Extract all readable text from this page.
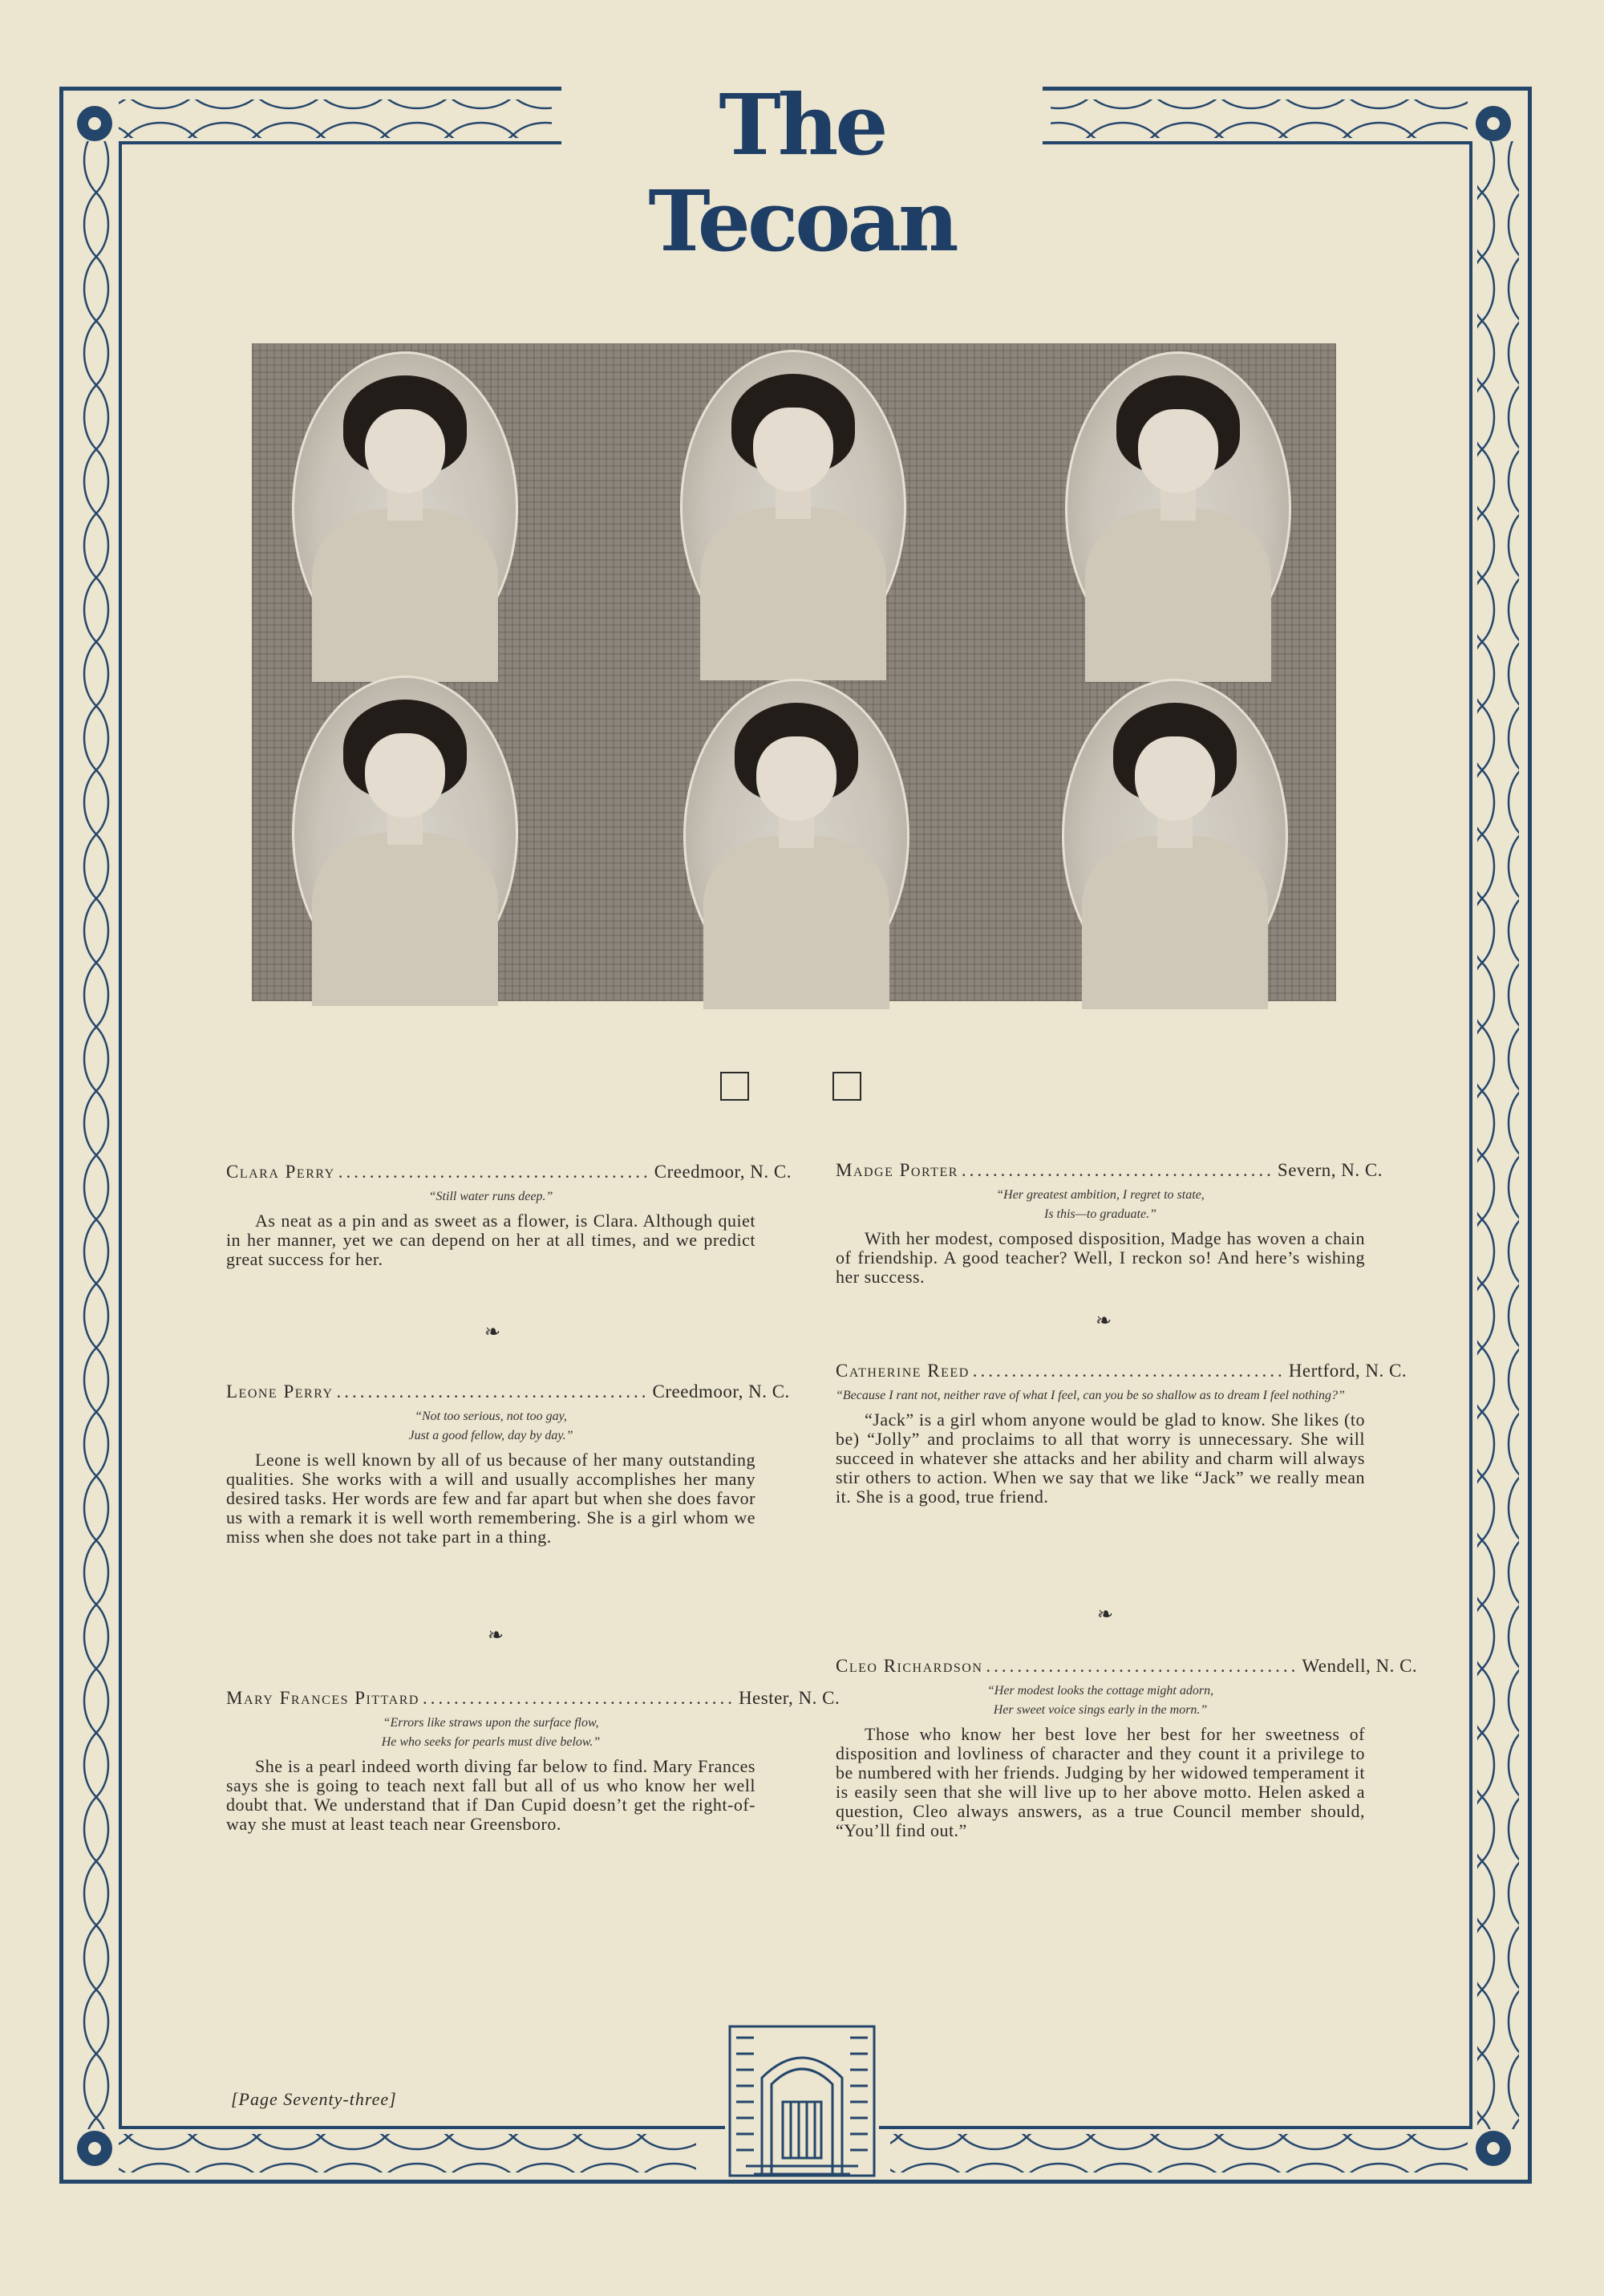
The Tecoan
Clara Perry ........................................ Creedmoor, N. C.
“Still water runs deep.”
As neat as a pin and as sweet as a flower, is Clara. Although quiet in her manner, yet we can depend on her at all times, and we predict great success for her.
❧
Leone Perry ........................................ Creedmoor, N. C.
“Not too serious, not too gay,
Just a good fellow, day by day.”
Leone is well known by all of us because of her many outstanding qualities. She works with a will and usually accomplishes her many desired tasks. Her words are few and far apart but when she does favor us with a remark it is well worth remembering. She is a girl whom we miss when she does not take part in a thing.
❧
Mary Frances Pittard ........................................ Hester, N. C.
“Errors like straws upon the surface flow,
He who seeks for pearls must dive below.”
She is a pearl indeed worth diving far below to find. Mary Frances says she is going to teach next fall but all of us who know her well doubt that. We understand that if Dan Cupid doesn’t get the right-of-way she must at least teach near Greensboro.
Madge Porter ........................................ Severn, N. C.
“Her greatest ambition, I regret to state,
Is this—to graduate.”
With her modest, composed disposition, Madge has woven a chain of friendship. A good teacher? Well, I reckon so! And here’s wishing her success.
❧
Catherine Reed ........................................ Hertford, N. C.
“Because I rant not, neither rave of what I feel, can you be so shallow as to dream I feel nothing?”
“Jack” is a girl whom anyone would be glad to know. She likes (to be) “Jolly” and proclaims to all that worry is unnecessary. She will succeed in whatever she attacks and her ability and charm will always stir others to action. When we say that we like “Jack” we really mean it. She is a good, true friend.
❧
Cleo Richardson ........................................ Wendell, N. C.
“Her modest looks the cottage might adorn,
Her sweet voice sings early in the morn.”
Those who know her best love her best for her sweetness of disposition and lovliness of character and they count it a privilege to be numbered with her friends. Judging by her widowed temperament it is easily seen that she will live up to her above motto. Helen asked a question, Cleo always answers, as a true Council member should, “You’ll find out.”
[Page Seventy-three]
